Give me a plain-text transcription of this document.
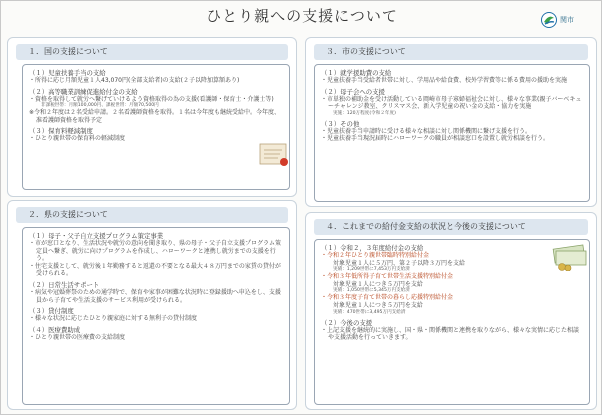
ひとり親への支援について	関市
１．国の支援について
（１）児童扶養手当の支給
・所得に応じ月額児童１人43,070円(全部支給者)の支給(２子以降加算額あり)
（２）高等職業訓練促進給付金の支給
・資格を取得して就労へ繋げていけるよう資格取得の為の支援(看護師・保育士・介護士等)
非課税世帯：月額100,000円、課税世帯：月額70,500円
※令和２年度は２名受給申請。２名看護師資格を取得。１名は今年度も継続受給中。今年度、准看護師資格を取得予定
（３）保育料軽減制度
・ひとり親世帯の保育料の軽減制度
２．県の支援について
（１）母子・父子自立支援プログラム策定事業
・市が窓口となり、生活状況や就労の意向を聞き取り、県の母子・父子自立支援プログラム策定員へ繋ぎ、就労に向けプログラムを作成し、ハローワークと連携し就労までの支援を行う。
・住宅支援として、就労後１年勤務すると返還の不要となる最大４８万円までの家賃の貸付が受けられる。
（２）日常生活サポート
・病気や冠婚葬祭のための通学時で、保育や家事が困難な状況時に登録援助へ申込をし、支援員から子育てや生活支援のサービス利用が受けられる。
（３）貸付制度
・様々な状況に応じたひとり親家庭に対する無利子の貸付制度
（４）医療費助成
・ひとり親世帯の医療費の支給制度
３．市の支援について
（１）就学援助費の支給
・児童扶養手当受給者世帯に対し、学用品や給食費、校外学習費等に係る費用の援助を実施
（２）母子会への支援
・市単独の補助金を受け活動している岡崎市母子寡婦福祉会に対し、様々な事業(親子バーベキューチャレンジ教室、クリスマス会、新入学児童の祝い金の支給・協力を実施
実施：120万程度(令和２年度)
（３）その他
・児童扶養手当申請時に受ける様々な相談に対し関係機関に繋げ支援を行う。
・児童扶養手当現況届時にハローワークの職員が相談窓口を設置し就労相談を行う。
４．これまでの給付金支給の状況と今後の支援について
（１）令和２，３年度給付金の支給
・令和２年ひとり親世帯臨時特別給付金
対象児童１人に５万円、第２子以降３万円を支給
実績：1,209世帯に7,453万円支給済
・令和３年低所得子育て世帯生活支援特別給付金
対象児童１人につき５万円を支給
実績：1,050世帯に5,345万円支給済
・令和３年度子育て世帯の暮らし応援特別給付金
対象児童１人につき５万円を支給
実績：470世帯に3,495万円支給済
（２）今後の支援
・上記支援を継続的に実施し、国・県・関係機関と連携を取りながら、様々な実情に応じた相談や支援活動を行っていきます。
